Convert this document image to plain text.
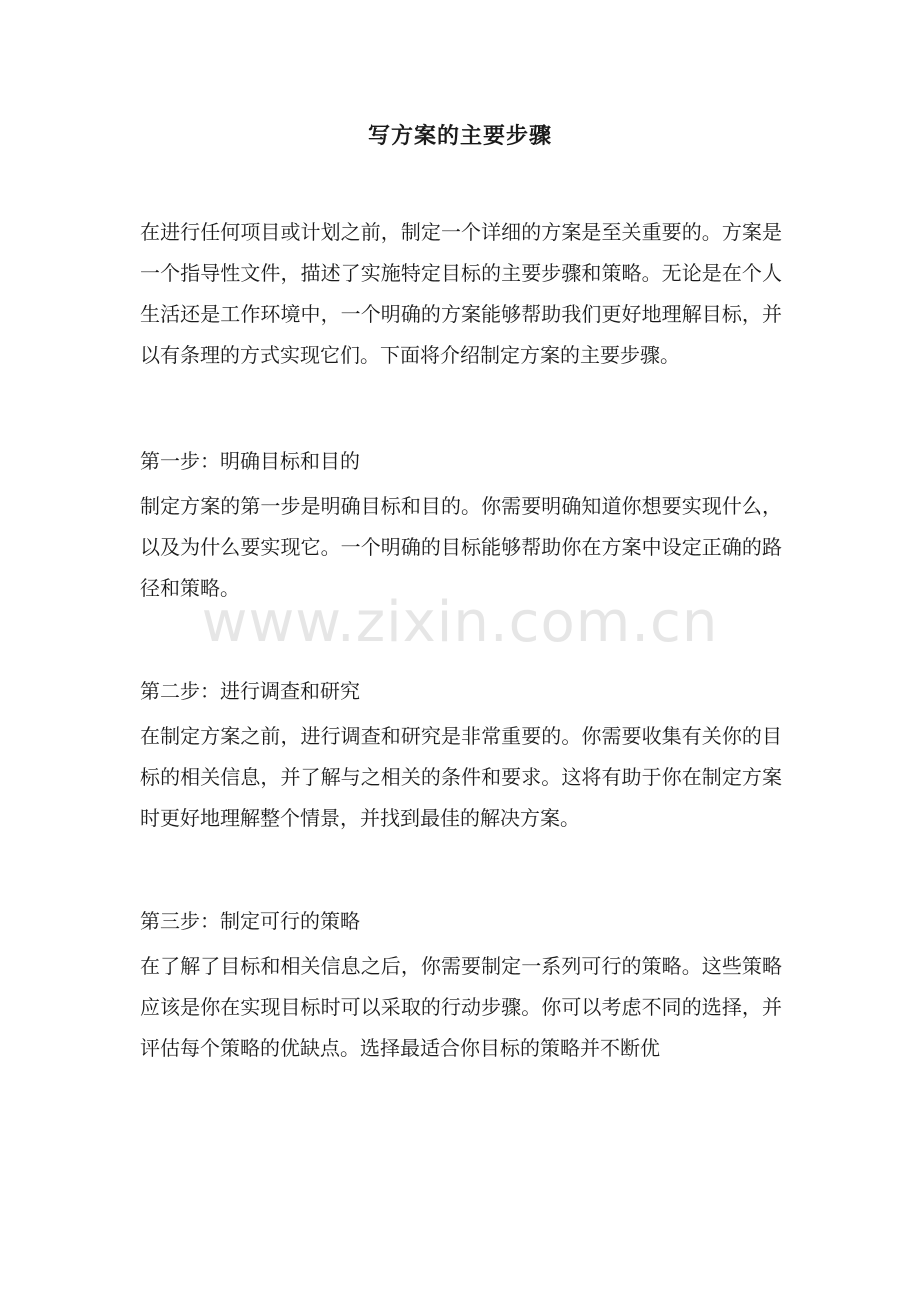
写方案的主要步骤

在进行任何项目或计划之前，制定一个详细的方案是至关重要的。方案是一个指导性文件，描述了实施特定目标的主要步骤和策略。无论是在个人生活还是工作环境中，一个明确的方案能够帮助我们更好地理解目标，并以有条理的方式实现它们。下面将介绍制定方案的主要步骤。

第一步：明确目标和目的

制定方案的第一步是明确目标和目的。你需要明确知道你想要实现什么，以及为什么要实现它。一个明确的目标能够帮助你在方案中设定正确的路径和策略。

第二步：进行调查和研究

在制定方案之前，进行调查和研究是非常重要的。你需要收集有关你的目标的相关信息，并了解与之相关的条件和要求。这将有助于你在制定方案时更好地理解整个情景，并找到最佳的解决方案。

第三步：制定可行的策略

在了解了目标和相关信息之后，你需要制定一系列可行的策略。这些策略应该是你在实现目标时可以采取的行动步骤。你可以考虑不同的选择，并评估每个策略的优缺点。选择最适合你目标的策略并不断优

www.zixin.com.cn
